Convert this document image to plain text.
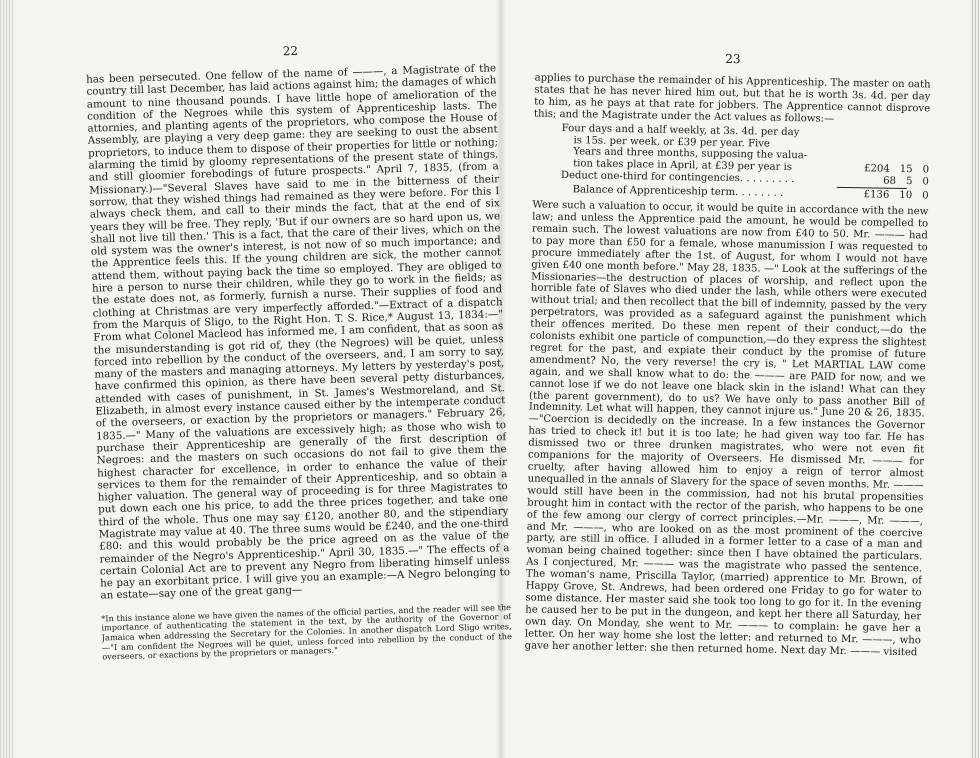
22

has been persecuted. One fellow of the name of ———, a Magistrate of the country till last December, has laid actions against him; the damages of which amount to nine thousand pounds. I have little hope of amelioration of the condition of the Negroes while this system of Apprenticeship lasts. The attornies, and planting agents of the proprietors, who compose the House of Assembly, are playing a very deep game: they are seeking to oust the absent proprietors, to induce them to dispose of their properties for little or nothing; alarming the timid by gloomy representations of the present state of things, and still gloomier forebodings of future prospects." April 7, 1835, (from a Missionary.)—"Several Slaves have said to me in the bitterness of their sorrow, that they wished things had remained as they were before. For this I always check them, and call to their minds the fact, that at the end of six years they will be free. They reply, 'But if our owners are so hard upon us, we shall not live till then.' This is a fact, that the care of their lives, which on the old system was the owner's interest, is not now of so much importance; and the Apprentice feels this. If the young children are sick, the mother cannot attend them, without paying back the time so employed. They are obliged to hire a person to nurse their children, while they go to work in the fields; as the estate does not, as formerly, furnish a nurse. Their supplies of food and clothing at Christmas are very imperfectly afforded."—Extract of a dispatch from the Marquis of Sligo, to the Right Hon. T. S. Rice,* August 13, 1834:—" From what Colonel Macleod has informed me, I am confident, that as soon as the misunderstanding is got rid of, they (the Negroes) will be quiet, unless forced into rebellion by the conduct of the overseers, and, I am sorry to say, many of the masters and managing attorneys. My letters by yesterday's post, have confirmed this opinion, as there have been several petty disturbances, attended with cases of punishment, in St. James's Westmoreland, and St. Elizabeth, in almost every instance caused either by the intemperate conduct of the overseers, or exaction by the proprietors or managers." February 26, 1835.—" Many of the valuations are excessively high; as those who wish to purchase their Apprenticeship are generally of the first description of Negroes: and the masters on such occasions do not fail to give them the highest character for excellence, in order to enhance the value of their services to them for the remainder of their Apprenticeship, and so obtain a higher valuation. The general way of proceeding is for three Magistrates to put down each one his price, to add the three prices together, and take one third of the whole. Thus one may say £120, another 80, and the stipendiary Magistrate may value at 40. The three sums would be £240, and the one-third £80: and this would probably be the price agreed on as the value of the remainder of the Negro's Apprenticeship." April 30, 1835.—" The effects of a certain Colonial Act are to prevent any Negro from liberating himself unless he pay an exorbitant price. I will give you an example:—A Negro belonging to an estate—say one of the great gang—

*In this instance alone we have given the names of the official parties, and the reader will see the importance of authenticating the statement in the text, by the authority of the Governor of Jamaica when addressing the Secretary for the Colonies. In another dispatch Lord Sligo writes,—"I am confident the Negroes will be quiet, unless forced into rebellion by the conduct of the overseers, or exactions by the proprietors or managers."
23

applies to purchase the remainder of his Apprenticeship. The master on oath states that he has never hired him out, but that he is worth 3s. 4d. per day to him, as he pays at that rate for jobbers. The Apprentice cannot disprove this; and the Magistrate under the Act values as follows:—

Four days and a half weekly, at 3s. 4d. per day
is 15s. per week, or £39 per year. Five
Years and three months, supposing the valua-
tion takes place in April, at £39 per year is	£204 15 0
Deduct one-third for contingencies. . . . . . . . .	68 5 0
Balance of Apprenticeship term. . . . . . . .	£136 10 0

Were such a valuation to occur, it would be quite in accordance with the new law; and unless the Apprentice paid the amount, he would be compelled to remain such. The lowest valuations are now from £40 to 50. Mr. ——— had to pay more than £50 for a female, whose manumission I was requested to procure immediately after the 1st. of August, for whom I would not have given £40 one month before." May 28, 1835. —" Look at the sufferings of the Missionaries—the destruction of places of worship, and reflect upon the horrible fate of Slaves who died under the lash, while others were executed without trial; and then recollect that the bill of indemnity, passed by the very perpetrators, was provided as a safeguard against the punishment which their offences merited. Do these men repent of their conduct,—do the colonists exhibit one particle of compunction,—do they express the slightest regret for the past, and expiate their conduct by the promise of future amendment? No, the very reverse! the cry is, " Let MARTIAL LAW come again, and we shall know what to do: the ——— are PAID for now, and we cannot lose if we do not leave one black skin in the island! What can they (the parent government), do to us? We have only to pass another Bill of Indemnity. Let what will happen, they cannot injure us." June 20 & 26, 1835. —"Coercion is decidedly on the increase. In a few instances the Governor has tried to check it! but it is too late; he had given way too far. He has dismissed two or three drunken magistrates, who were not even fit companions for the majority of Overseers. He dismissed Mr. ——— for cruelty, after having allowed him to enjoy a reign of terror almost unequalled in the annals of Slavery for the space of seven months. Mr. ——— would still have been in the commission, had not his brutal propensities brought him in contact with the rector of the parish, who happens to be one of the few among our clergy of correct principles.—Mr. ———, Mr. ———, and Mr. ———, who are looked on as the most prominent of the coercive party, are still in office. I alluded in a former letter to a case of a man and woman being chained together: since then I have obtained the particulars. As I conjectured, Mr. ——— was the magistrate who passed the sentence. The woman's name, Priscilla Taylor, (married) apprentice to Mr. Brown, of Happy Grove, St. Andrews, had been ordered one Friday to go for water to some distance. Her master said she took too long to go for it. In the evening he caused her to be put in the dungeon, and kept her there all Saturday, her own day. On Monday, she went to Mr. ——— to complain: he gave her a letter. On her way home she lost the letter: and returned to Mr. ———, who gave her another letter: she then returned home. Next day Mr. ——— visited
